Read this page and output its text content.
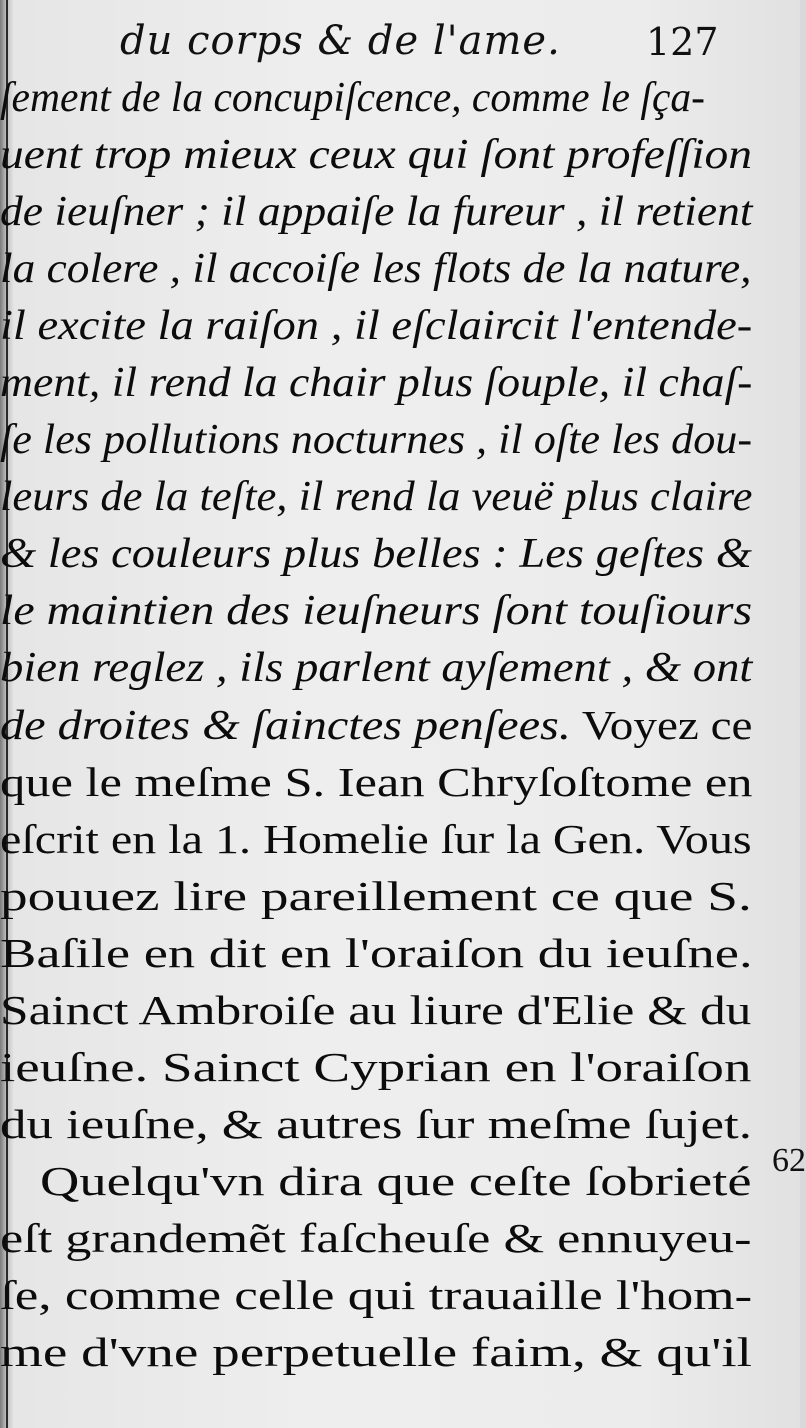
du corps & de l'ame. 127
ſement de la concupiſcence, comme le ſça-
uent trop mieux ceux qui ſont profeſſion
de ieuſner ; il appaiſe la fureur , il retient
la colere , il accoiſe les flots de la nature,
il excite la raiſon , il eſclaircit l'entende-
ment, il rend la chair plus ſouple, il chaſ-
ſe les pollutions nocturnes , il oſte les dou-
leurs de la teſte, il rend la veuë plus claire
& les couleurs plus belles : Les geſtes &
le maintien des ieuſneurs ſont touſiours
bien reglez , ils parlent ayſement , & ont
de droites & ſainctes penſees. Voyez ce
que le meſme S. Iean Chryſoſtome en
eſcrit en la 1. Homelie ſur la Gen. Vous
pouuez lire pareillement ce que S.
Baſile en dit en l'oraiſon du ieuſne.
Sainct Ambroiſe au liure d'Elie & du
ieuſne. Sainct Cyprian en l'oraiſon
du ieuſne, & autres ſur meſme ſujet.
Quelqu'vn dira que ceſte ſobrieté
eſt grandemẽt faſcheuſe & ennuyeu-
ſe, comme celle qui trauaille l'hom-
me d'vne perpetuelle faim, & qu'il
62
